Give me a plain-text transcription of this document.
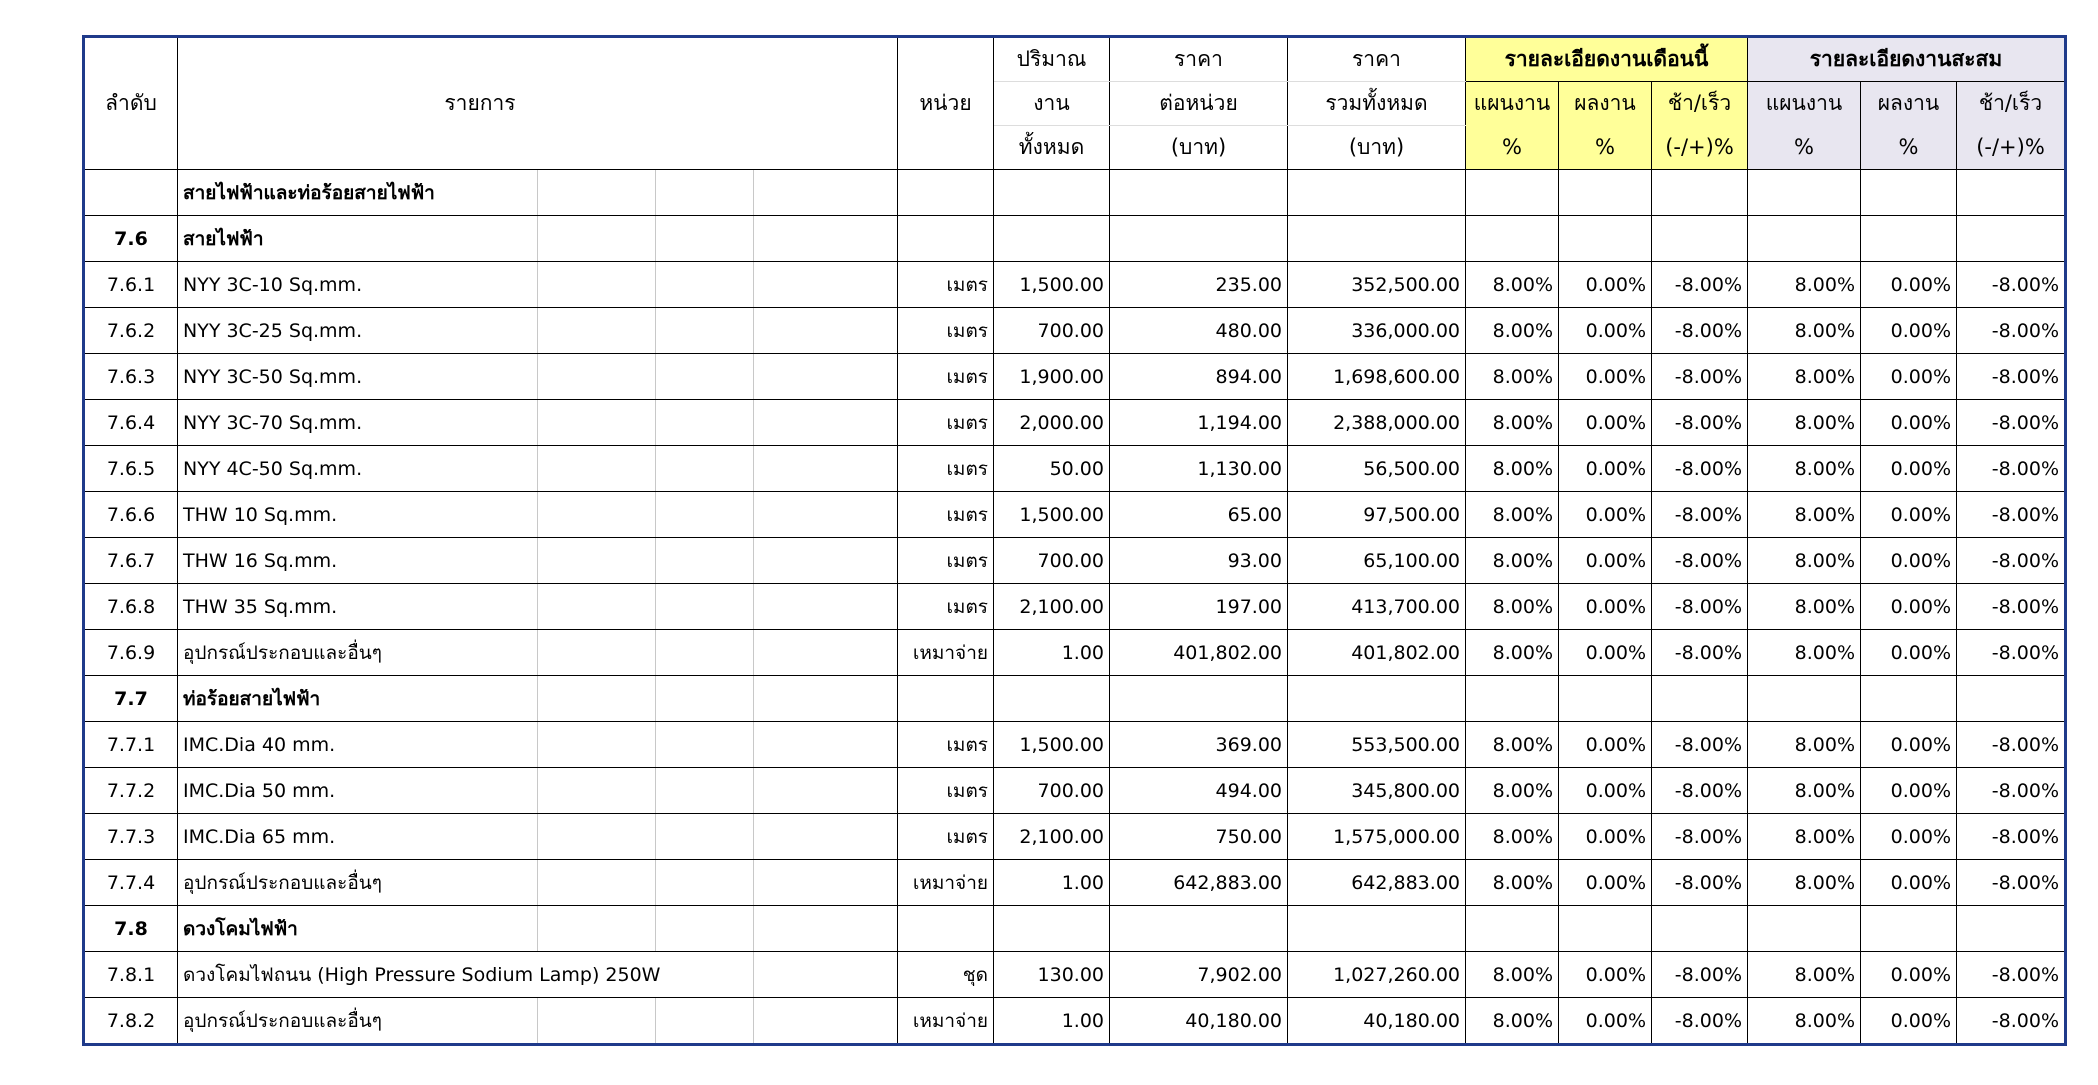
ลำดับ	รายการ				หน่วย	ปริมาณ	ราคา	ราคา	รายละเอียดงานเดือนนี้			รายละเอียดงานสะสม		
						งาน	ต่อหน่วย	รวมทั้งหมด	แผนงาน	ผลงาน	ช้า/เร็ว	แผนงาน	ผลงาน	ช้า/เร็ว
						ทั้งหมด	(บาท)	(บาท)	%	%	(-/+)%	%	%	(-/+)%
	สายไฟฟ้าและท่อร้อยสายไฟฟ้า													
7.6	สายไฟฟ้า													
7.6.1	NYY 3C-10 Sq.mm.				เมตร	1,500.00	235.00	352,500.00	8.00%	0.00%	-8.00%	8.00%	0.00%	-8.00%
7.6.2	NYY 3C-25 Sq.mm.				เมตร	700.00	480.00	336,000.00	8.00%	0.00%	-8.00%	8.00%	0.00%	-8.00%
7.6.3	NYY 3C-50 Sq.mm.				เมตร	1,900.00	894.00	1,698,600.00	8.00%	0.00%	-8.00%	8.00%	0.00%	-8.00%
7.6.4	NYY 3C-70 Sq.mm.				เมตร	2,000.00	1,194.00	2,388,000.00	8.00%	0.00%	-8.00%	8.00%	0.00%	-8.00%
7.6.5	NYY 4C-50 Sq.mm.				เมตร	50.00	1,130.00	56,500.00	8.00%	0.00%	-8.00%	8.00%	0.00%	-8.00%
7.6.6	THW 10 Sq.mm.				เมตร	1,500.00	65.00	97,500.00	8.00%	0.00%	-8.00%	8.00%	0.00%	-8.00%
7.6.7	THW 16 Sq.mm.				เมตร	700.00	93.00	65,100.00	8.00%	0.00%	-8.00%	8.00%	0.00%	-8.00%
7.6.8	THW 35 Sq.mm.				เมตร	2,100.00	197.00	413,700.00	8.00%	0.00%	-8.00%	8.00%	0.00%	-8.00%
7.6.9	อุปกรณ์ประกอบและอื่นๆ				เหมาจ่าย	1.00	401,802.00	401,802.00	8.00%	0.00%	-8.00%	8.00%	0.00%	-8.00%
7.7	ท่อร้อยสายไฟฟ้า													
7.7.1	IMC.Dia 40 mm.				เมตร	1,500.00	369.00	553,500.00	8.00%	0.00%	-8.00%	8.00%	0.00%	-8.00%
7.7.2	IMC.Dia 50 mm.				เมตร	700.00	494.00	345,800.00	8.00%	0.00%	-8.00%	8.00%	0.00%	-8.00%
7.7.3	IMC.Dia 65 mm.				เมตร	2,100.00	750.00	1,575,000.00	8.00%	0.00%	-8.00%	8.00%	0.00%	-8.00%
7.7.4	อุปกรณ์ประกอบและอื่นๆ				เหมาจ่าย	1.00	642,883.00	642,883.00	8.00%	0.00%	-8.00%	8.00%	0.00%	-8.00%
7.8	ดวงโคมไฟฟ้า													
7.8.1	ดวงโคมไฟถนน (High Pressure Sodium Lamp) 250W				ชุด	130.00	7,902.00	1,027,260.00	8.00%	0.00%	-8.00%	8.00%	0.00%	-8.00%
7.8.2	อุปกรณ์ประกอบและอื่นๆ				เหมาจ่าย	1.00	40,180.00	40,180.00	8.00%	0.00%	-8.00%	8.00%	0.00%	-8.00%
